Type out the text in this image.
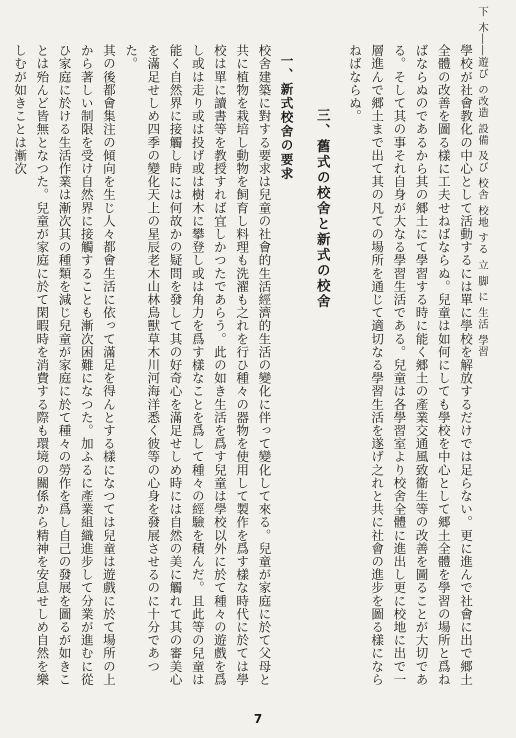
下 木――遊び の改造 設備 及び 校舎 校地 する 立 脚 に 生活 學習

學校が社會教化の中心として活動するには單に學校を解放するだけでは足らない。更に進んで社會に出で郷土全體の改善を圖る樣に工夫せねばならぬ。兒童は如何にしても學校を中心として郷土全體を學習の場所と爲ねばならぬのであるから其の郷土にて學習する時に能く郷土の產業交通風致衞生等の改善を圖ることが大切である。そして其の事それ自身が大なる學習生活である。兒童は各學習室より校舍全體に進出し更に校地に出で一層進んで郷土まで出て其の凡ての場所を通じて適切なる學習生活を遂げ之れと共に社會の進步を圖る樣にならねばならぬ。

三、舊式の校舍と新式の校舍
一、新式校舍の要求

校舍建築に對する要求は兒童の社會的生活經濟的生活の變化に伴って變化して來る。兒童が家庭に於て父母と共に植物を栽培し動物を飼育し料理も洗濯も之れを行ひ種々の器物を使用して製作を爲す樣な時代に於ては學校は單に讀書等を教授すれば宜しかつたであらう。此の如き生活を爲す兒童は學校以外に於て種々の遊戲を爲し或は走り或は投げ或は樹木に攀登し或は角力を爲す樣なことを爲して種々の經驗を積んだ。且此等の兒童は能く自然界に接觸し時には何故かの疑問を發して其の好奇心を滿足せしめ時には自然の美に觸れて其の審美心を滿足せしめ四季の變化天上の星辰老木山林鳥獸草木川河海洋悉く彼等の心身を發展させるのに十分であつた。

其の後都會集注の傾向を生じ人々都會生活に依って滿足を得んとする樣になつては兒童は遊戲に於て場所の上から著しい制限を受け自然界に接觸することも漸次困難になつた。加ふるに產業組織進步して分業が進むに從ひ家庭に於ける生活作業は漸次其の種類を減じ兒童が家庭に於て種々の勞作を爲し自己の發展を圖るが如きことは殆んど皆無となつた。兒童が家庭に於て閑暇時を消費する際も環境の關係から精神を安息せしめ自然を樂しむが如きことは漸次

7
